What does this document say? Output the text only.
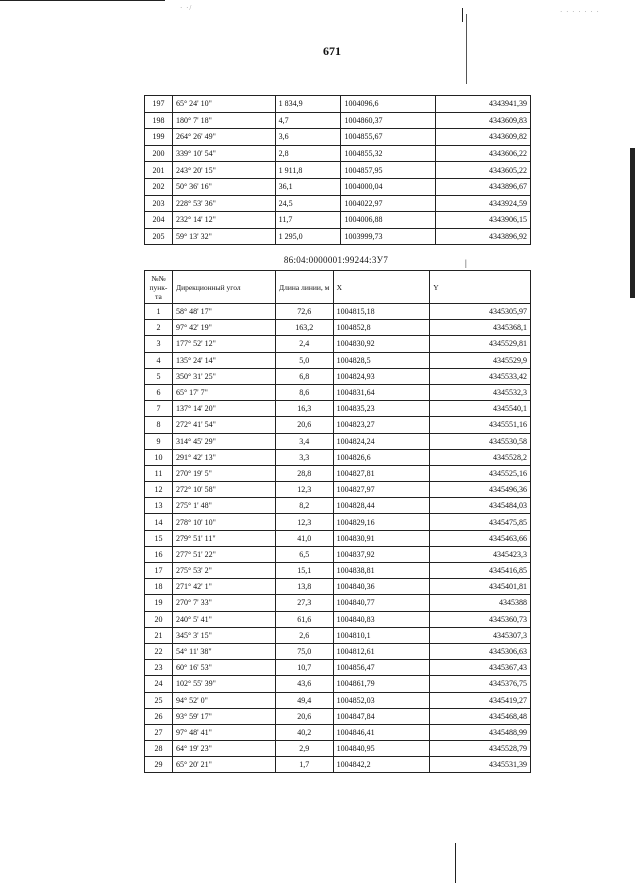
· ·/	· · · · · · ·
671
197	65° 24' 10"	1 834,9	1004096,6	4343941,39
198	180° 7' 18"	4,7	1004860,37	4343609,83
199	264° 26' 49"	3,6	1004855,67	4343609,82
200	339° 10' 54"	2,8	1004855,32	4343606,22
201	243° 20' 15"	1 911,8	1004857,95	4343605,22
202	50° 36' 16"	36,1	1004000,04	4343896,67
203	228° 53' 36"	24,5	1004022,97	4343924,59
204	232° 14' 12"	11,7	1004006,88	4343906,15
205	59° 13' 32"	1 295,0	1003999,73	4343896,92
86:04:0000001:99244:3У7	|
№№ пунк-та	Дирекционный угол	Длина линии, м	X	Y
1	58° 48' 17"	72,6	1004815,18	4345305,97
2	97° 42' 19"	163,2	1004852,8	4345368,1
3	177° 52' 12"	2,4	1004830,92	4345529,81
4	135° 24' 14"	5,0	1004828,5	4345529,9
5	350° 31' 25"	6,8	1004824,93	4345533,42
6	65° 17' 7"	8,6	1004831,64	4345532,3
7	137° 14' 20"	16,3	1004835,23	4345540,1
8	272° 41' 54"	20,6	1004823,27	4345551,16
9	314° 45' 29"	3,4	1004824,24	4345530,58
10	291° 42' 13"	3,3	1004826,6	4345528,2
11	270° 19' 5"	28,8	1004827,81	4345525,16
12	272° 10' 58"	12,3	1004827,97	4345496,36
13	275° 1' 48"	8,2	1004828,44	4345484,03
14	278° 10' 10"	12,3	1004829,16	4345475,85
15	279° 51' 11"	41,0	1004830,91	4345463,66
16	277° 51' 22"	6,5	1004837,92	4345423,3
17	275° 53' 2"	15,1	1004838,81	4345416,85
18	271° 42' 1"	13,8	1004840,36	4345401,81
19	270° 7' 33"	27,3	1004840,77	4345388
20	240° 5' 41"	61,6	1004840,83	4345360,73
21	345° 3' 15"	2,6	1004810,1	4345307,3
22	54° 11' 38"	75,0	1004812,61	4345306,63
23	60° 16' 53"	10,7	1004856,47	4345367,43
24	102° 55' 39"	43,6	1004861,79	4345376,75
25	94° 52' 0"	49,4	1004852,03	4345419,27
26	93° 59' 17"	20,6	1004847,84	4345468,48
27	97° 48' 41"	40,2	1004846,41	4345488,99
28	64° 19' 23"	2,9	1004840,95	4345528,79
29	65° 20' 21"	1,7	1004842,2	4345531,39
